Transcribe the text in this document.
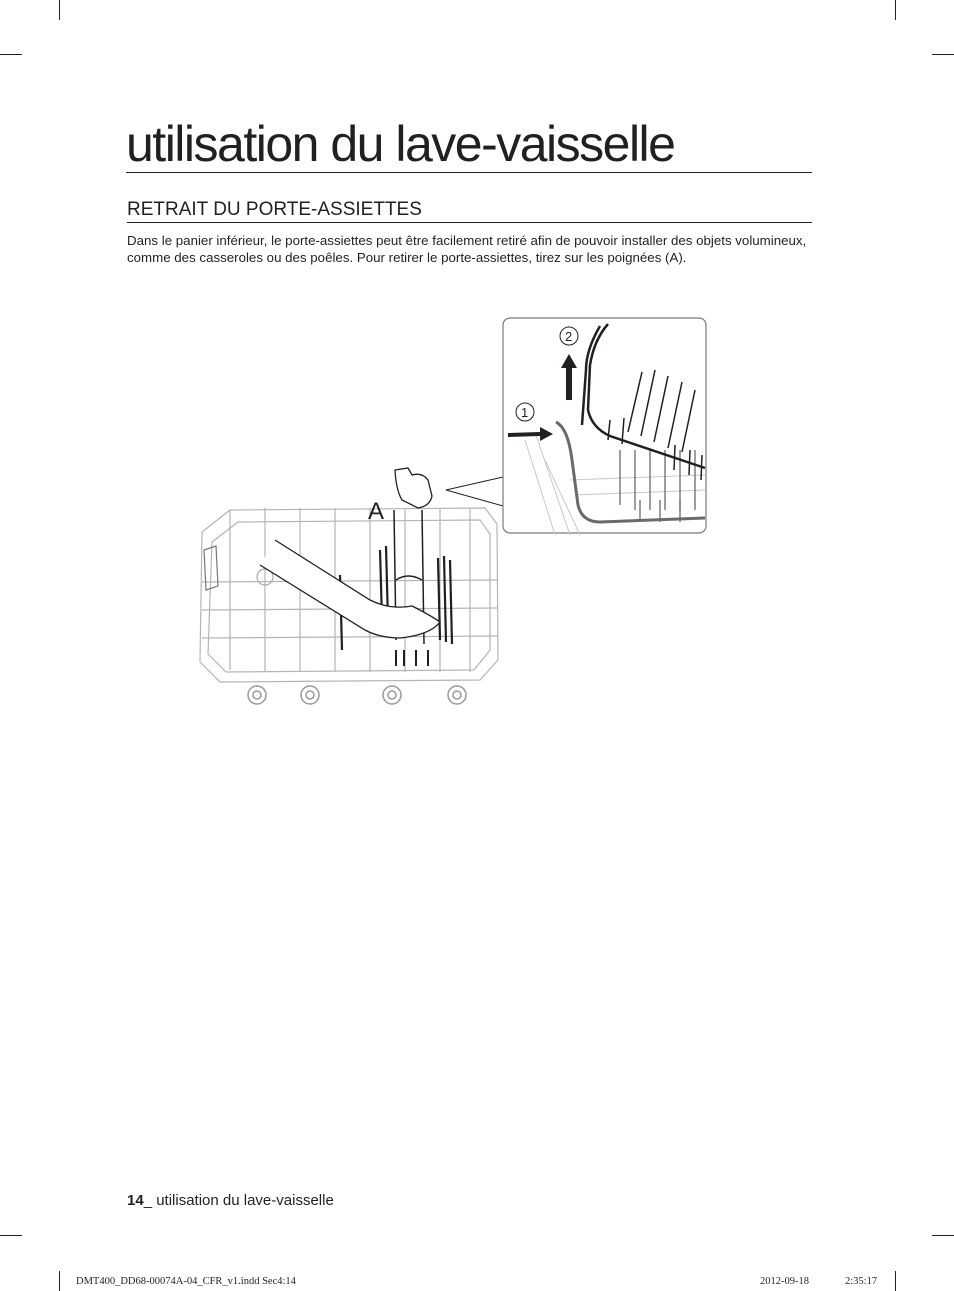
utilisation du lave-vaisselle
RETRAIT DU PORTE-ASSIETTES
Dans le panier inférieur, le porte-assiettes peut être facilement retiré afin de pouvoir installer des objets volumineux, comme des casseroles ou des poêles. Pour retirer le porte-assiettes, tirez sur les poignées (A).
A
1
2
14_ utilisation du lave-vaisselle
DMT400_DD68-00074A-04_CFR_v1.indd Sec4:14	2012-09-18	2:35:17
